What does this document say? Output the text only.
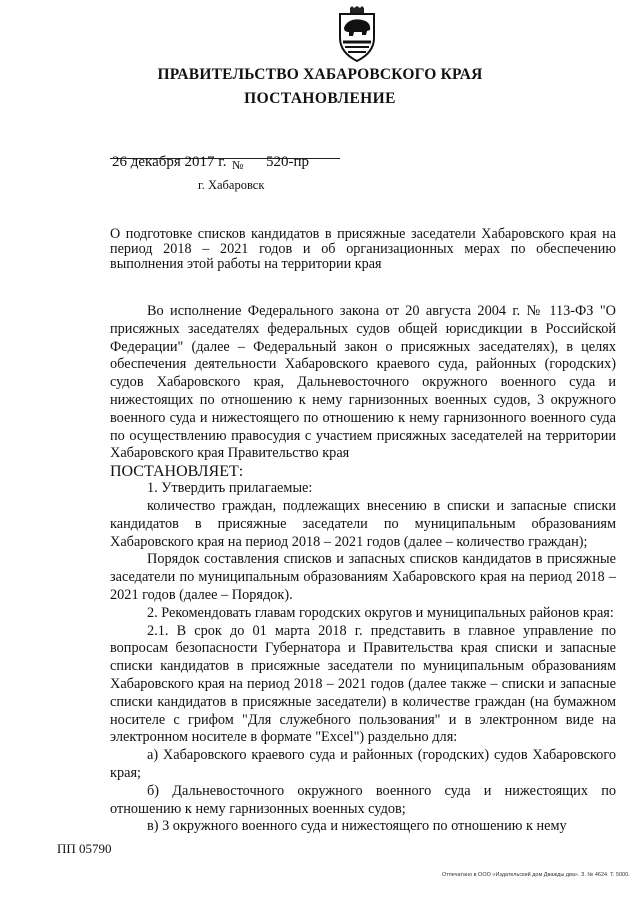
ПРАВИТЕЛЬСТВО ХАБАРОВСКОГО КРАЯ
ПОСТАНОВЛЕНИЕ
26 декабря 2017 г. № 520-пр
г. Хабаровск
О подготовке списков кандидатов в присяжные заседатели Хабаровского края на период 2018 – 2021 годов и об организационных мерах по обеспечению выполнения этой работы на территории края

Во исполнение Федерального закона от 20 августа 2004 г. № 113-ФЗ "О присяжных заседателях федеральных судов общей юрисдикции в Российской Федерации" (далее – Федеральный закон о присяжных заседателях), в целях обеспечения деятельности Хабаровского краевого суда, районных (городских) судов Хабаровского края, Дальневосточного окружного военного суда и нижестоящих по отношению к нему гарнизонных военных судов, 3 окружного военного суда и нижестоящего по отношению к нему гарнизонного военного суда по осуществлению правосудия с участием присяжных заседателей на территории Хабаровского края Правительство края

ПОСТАНОВЛЯЕТ:

1. Утвердить прилагаемые:

количество граждан, подлежащих внесению в списки и запасные списки кандидатов в присяжные заседатели по муниципальным образованиям Хабаровского края на период 2018 – 2021 годов (далее – количество граждан);

Порядок составления списков и запасных списков кандидатов в присяжные заседатели по муниципальным образованиям Хабаровского края на период 2018 – 2021 годов (далее – Порядок).

2. Рекомендовать главам городских округов и муниципальных районов края:

2.1. В срок до 01 марта 2018 г. представить в главное управление по вопросам безопасности Губернатора и Правительства края списки и запасные списки кандидатов в присяжные заседатели по муниципальным образованиям Хабаровского края на период 2018 – 2021 годов (далее также – списки и запасные списки кандидатов в присяжные заседатели) в количестве граждан (на бумажном носителе с грифом "Для служебного пользования" и в электронном виде на электронном носителе в формате "Excel") раздельно для:

а) Хабаровского краевого суда и районных (городских) судов Хабаровского края;

б) Дальневосточного окружного военного суда и нижестоящих по отношению к нему гарнизонных военных судов;

в) 3 окружного военного суда и нижестоящего по отношению к нему

ПП 05790
Отпечатано в ООО «Издательский дом Дважды два». З. № 4624. Т. 5000.
